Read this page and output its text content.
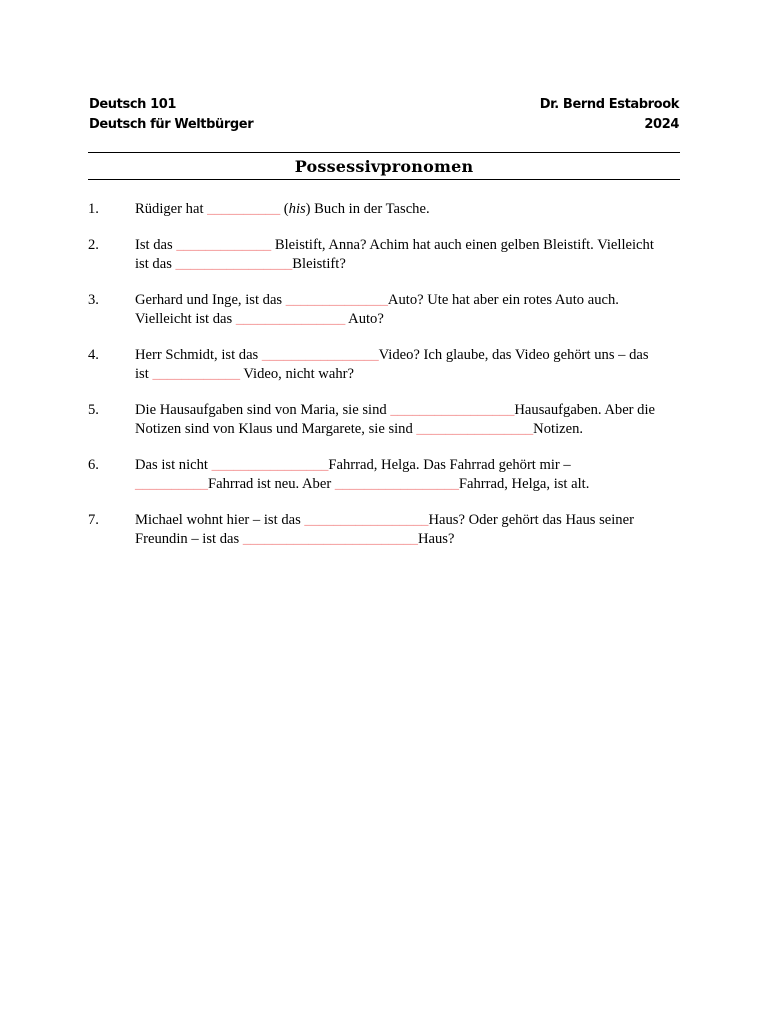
Deutsch 101
Deutsch für Weltbürger
Dr. Bernd Estabrook
2024
Possessivpronomen
1. Rüdiger hat __________ (his) Buch in der Tasche.
2. Ist das _____________ Bleistift, Anna? Achim hat auch einen gelben Bleistift. Vielleicht
ist das ________________Bleistift?
3. Gerhard und Inge, ist das ______________Auto? Ute hat aber ein rotes Auto auch.
Vielleicht ist das _______________ Auto?
4. Herr Schmidt, ist das ________________Video? Ich glaube, das Video gehört uns – das
ist ____________ Video, nicht wahr?
5. Die Hausaufgaben sind von Maria, sie sind _________________Hausaufgaben. Aber die
Notizen sind von Klaus und Margarete, sie sind ________________Notizen.
6. Das ist nicht ________________Fahrrad, Helga. Das Fahrrad gehört mir –
__________Fahrrad ist neu. Aber _________________Fahrrad, Helga, ist alt.
7. Michael wohnt hier – ist das _________________Haus? Oder gehört das Haus seiner
Freundin – ist das ________________________Haus?
